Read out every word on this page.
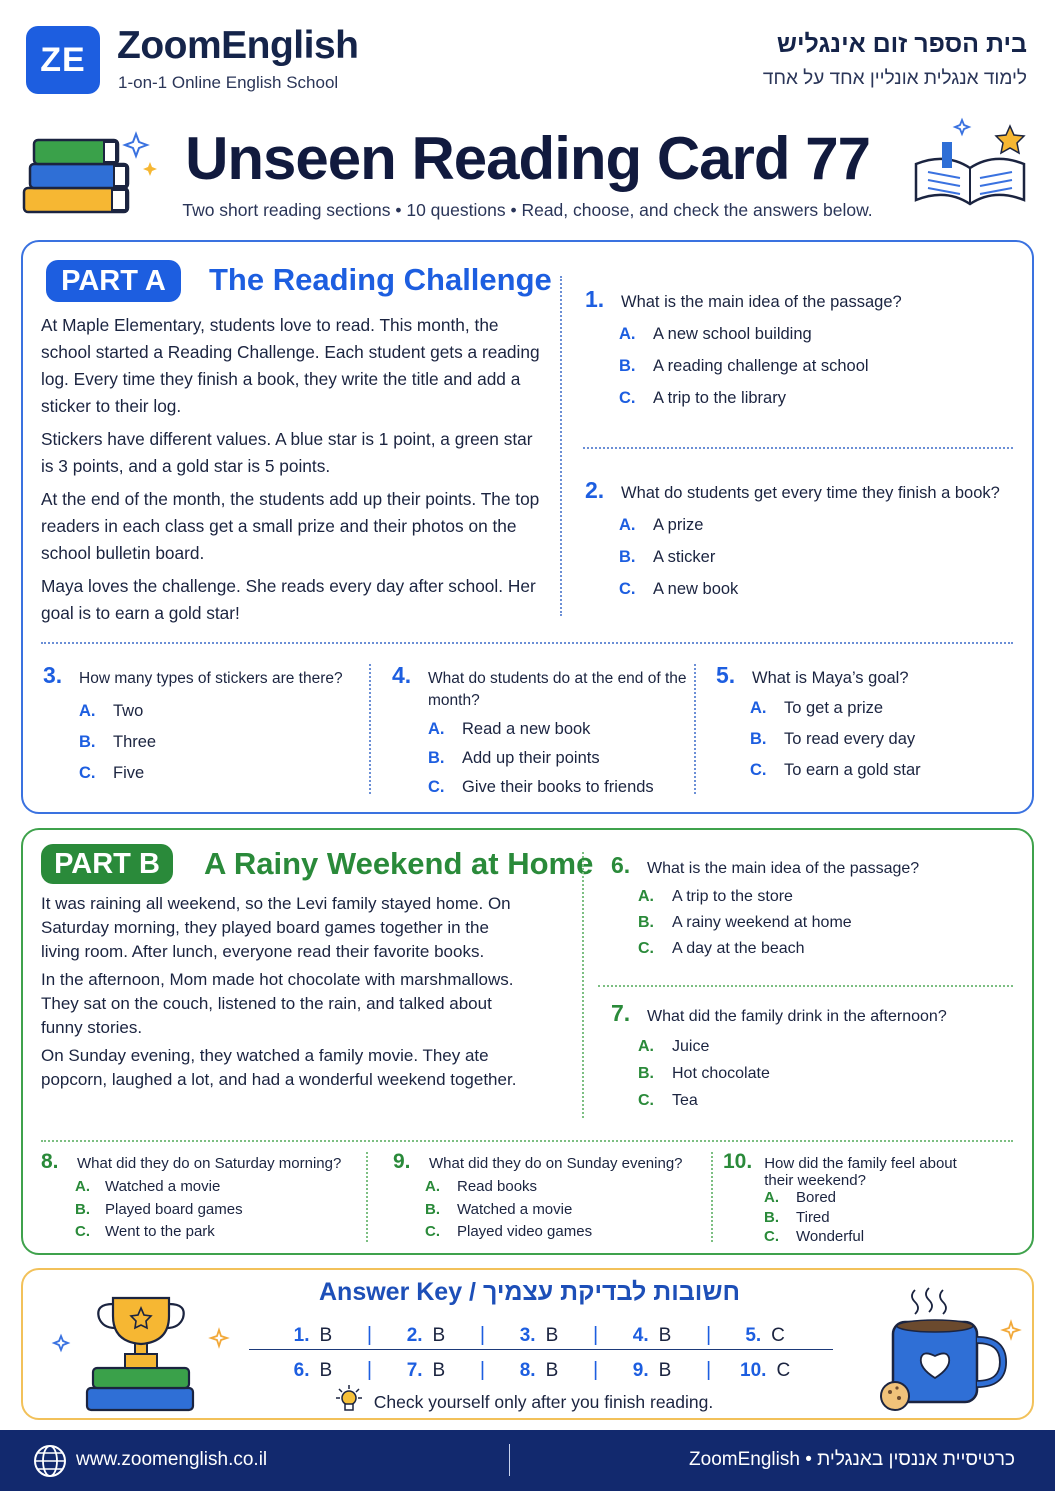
ZE ZoomEnglish
1-on-1 Online English School
בית הספר זום אינגליש
לימוד אנגלית אונליין אחד על אחד
Unseen Reading Card 77
Two short reading sections • 10 questions • Read, choose, and check the answers below.
PART A	The Reading Challenge

At Maple Elementary, students love to read. This month, the school started a Reading Challenge. Each student gets a reading log. Every time they finish a book, they write the title and add a sticker to their log.

Stickers have different values. A blue star is 1 point, a green star is 3 points, and a gold star is 5 points.

At the end of the month, the students add up their points. The top readers in each class get a small prize and their photos on the school bulletin board.

Maya loves the challenge. She reads every day after school. Her goal is to earn a gold star!

1. What is the main idea of the passage?
A.	A new school building
B.	A reading challenge at school
C.	A trip to the library
2. What do students get every time they finish a book?
A.	A prize
B.	A sticker
C.	A new book
3. How many types of stickers are there?
A.	Two
B.	Three
C.	Five
4. What do students do at the end of the month?
A.	Read a new book
B.	Add up their points
C.	Give their books to friends
5. What is Maya’s goal?
A.	To get a prize
B.	To read every day
C.	To earn a gold star
PART B	A Rainy Weekend at Home

It was raining all weekend, so the Levi family stayed home. On Saturday morning, they played board games together in the living room. After lunch, everyone read their favorite books.

In the afternoon, Mom made hot chocolate with marshmallows. They sat on the couch, listened to the rain, and talked about funny stories.

On Sunday evening, they watched a family movie. They ate popcorn, laughed a lot, and had a wonderful weekend together.

6. What is the main idea of the passage?
A.	A trip to the store
B.	A rainy weekend at home
C.	A day at the beach
7. What did the family drink in the afternoon?
A.	Juice
B.	Hot chocolate
C.	Tea
8. What did they do on Saturday morning?
A.	Watched a movie
B.	Played board games
C.	Went to the park
9. What did they do on Sunday evening?
A.	Read books
B.	Watched a movie
C.	Played video games
10. How did the family feel about their weekend?
A.	Bored
B.	Tired
C.	Wonderful
Answer Key / חשובות לבדיקת עצמיך
1. B | 2. B | 3. B | 4. B | 5. C
6. B | 7. B | 8. B | 9. B | 10. C
Check yourself only after you finish reading.
www.zoomenglish.co.il	ZoomEnglish • כרטיסיית אננסין באנגלית
